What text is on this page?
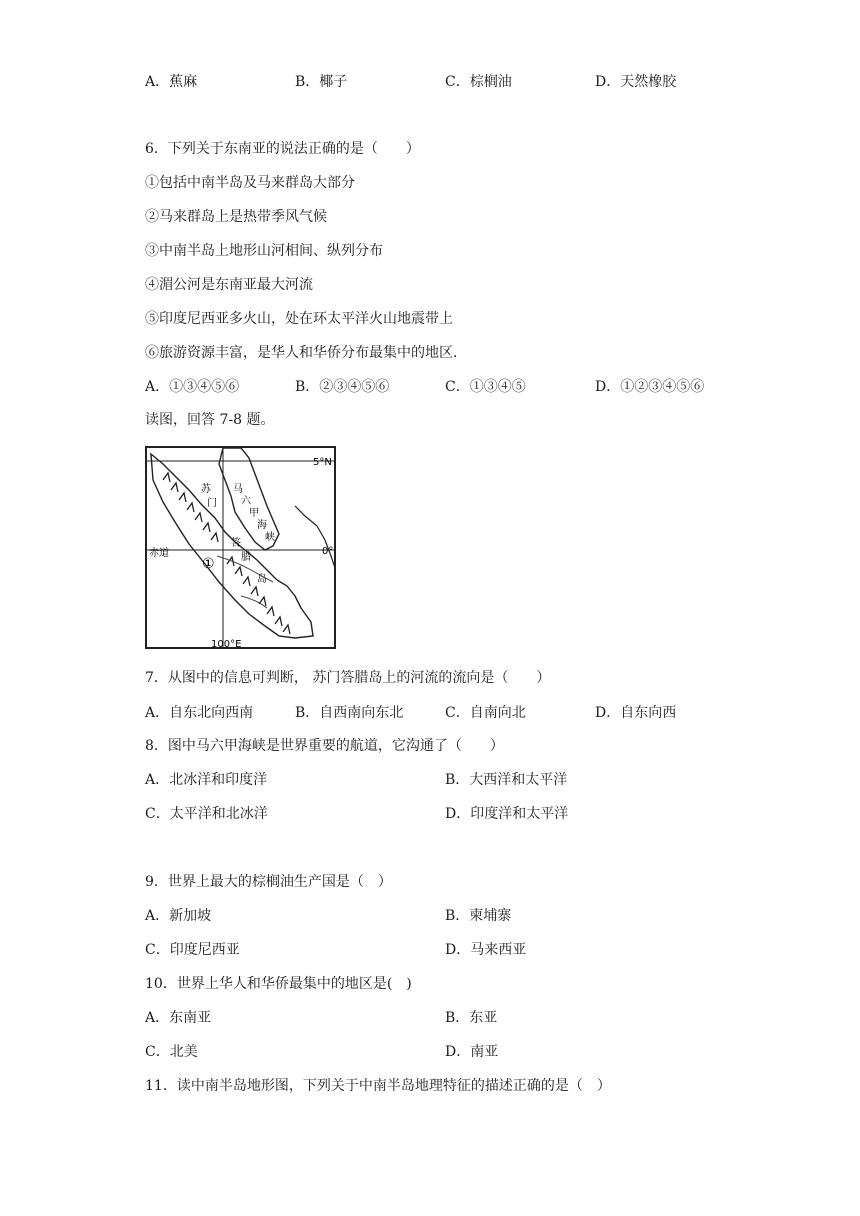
A．蕉麻	B．椰子	C．棕榈油	D．天然橡胶
6．下列关于东南亚的说法正确的是（　　）
①包括中南半岛及马来群岛大部分
②马来群岛上是热带季风气候
③中南半岛上地形山河相间、纵列分布
④湄公河是东南亚最大河流
⑤印度尼西亚多火山，处在环太平洋火山地震带上
⑥旅游资源丰富，是华人和华侨分布最集中的地区．
A．①③④⑤⑥	B．②③④⑤⑥	C．①③④⑤	D．①②③④⑤⑥
读图，回答 7-8 题。
5°N
0°
赤道
100°E
①
马
六
甲
海
峡
苏
门
答
腊
岛
7．从图中的信息可判断， 苏门答腊岛上的河流的流向是（　　）
A．自东北向西南	B．自西南向东北	C．自南向北	D．自东向西
8．图中马六甲海峡是世界重要的航道，它沟通了（　　）
A．北冰洋和印度洋	B．大西洋和太平洋
C．太平洋和北冰洋	D．印度洋和太平洋
9．世界上最大的棕榈油生产国是（　）
A．新加坡	B．柬埔寨
C．印度尼西亚	D．马来西亚
10．世界上华人和华侨最集中的地区是(　)
A．东南亚	B．东亚
C．北美	D．南亚
11．读中南半岛地形图，下列关于中南半岛地理特征的描述正确的是（　）
